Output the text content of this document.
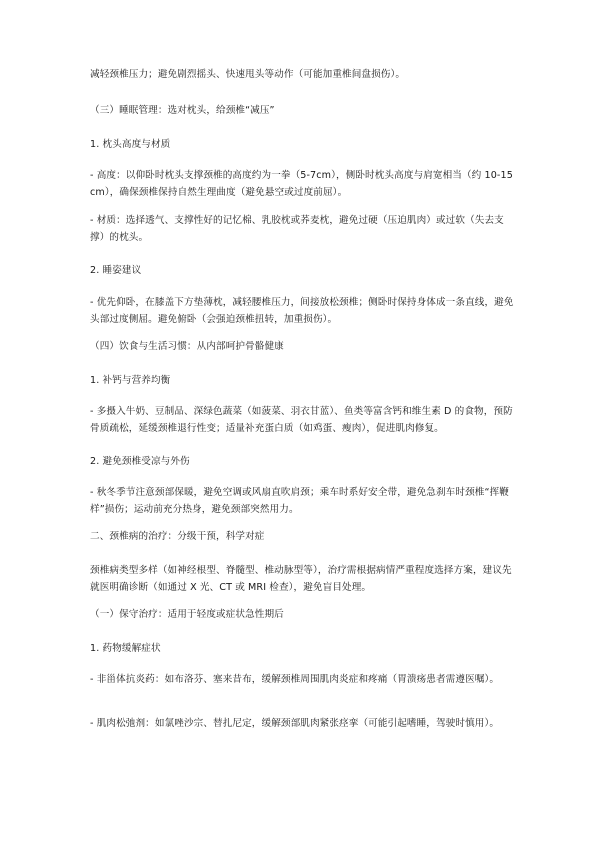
减轻颈椎压力；避免剧烈摇头、快速甩头等动作（可能加重椎间盘损伤）。

（三）睡眠管理：选对枕头，给颈椎“减压”

1. 枕头高度与材质

- 高度：以仰卧时枕头支撑颈椎的高度约为一拳（5-7cm），侧卧时枕头高度与肩宽相当（约 10-15cm），确保颈椎保持自然生理曲度（避免悬空或过度前屈）。

- 材质：选择透气、支撑性好的记忆棉、乳胶枕或荞麦枕，避免过硬（压迫肌肉）或过软（失去支撑）的枕头。

2. 睡姿建议

- 优先仰卧，在膝盖下方垫薄枕，减轻腰椎压力，间接放松颈椎；侧卧时保持身体成一条直线，避免头部过度侧屈。避免俯卧（会强迫颈椎扭转，加重损伤）。

（四）饮食与生活习惯：从内部呵护骨骼健康

1. 补钙与营养均衡

- 多摄入牛奶、豆制品、深绿色蔬菜（如菠菜、羽衣甘蓝）、鱼类等富含钙和维生素 D 的食物，预防骨质疏松，延缓颈椎退行性变；适量补充蛋白质（如鸡蛋、瘦肉），促进肌肉修复。

2. 避免颈椎受凉与外伤

- 秋冬季节注意颈部保暖，避免空调或风扇直吹肩颈；乘车时系好安全带，避免急刹车时颈椎“挥鞭样”损伤；运动前充分热身，避免颈部突然用力。

二、颈椎病的治疗：分级干预，科学对症

颈椎病类型多样（如神经根型、脊髓型、椎动脉型等），治疗需根据病情严重程度选择方案，建议先就医明确诊断（如通过 X 光、CT 或 MRI 检查），避免盲目处理。

（一）保守治疗：适用于轻度或症状急性期后

1. 药物缓解症状

- 非甾体抗炎药：如布洛芬、塞来昔布，缓解颈椎周围肌肉炎症和疼痛（胃溃疡患者需遵医嘱）。

- 肌肉松弛剂：如氯唑沙宗、替扎尼定，缓解颈部肌肉紧张痉挛（可能引起嗜睡，驾驶时慎用）。
